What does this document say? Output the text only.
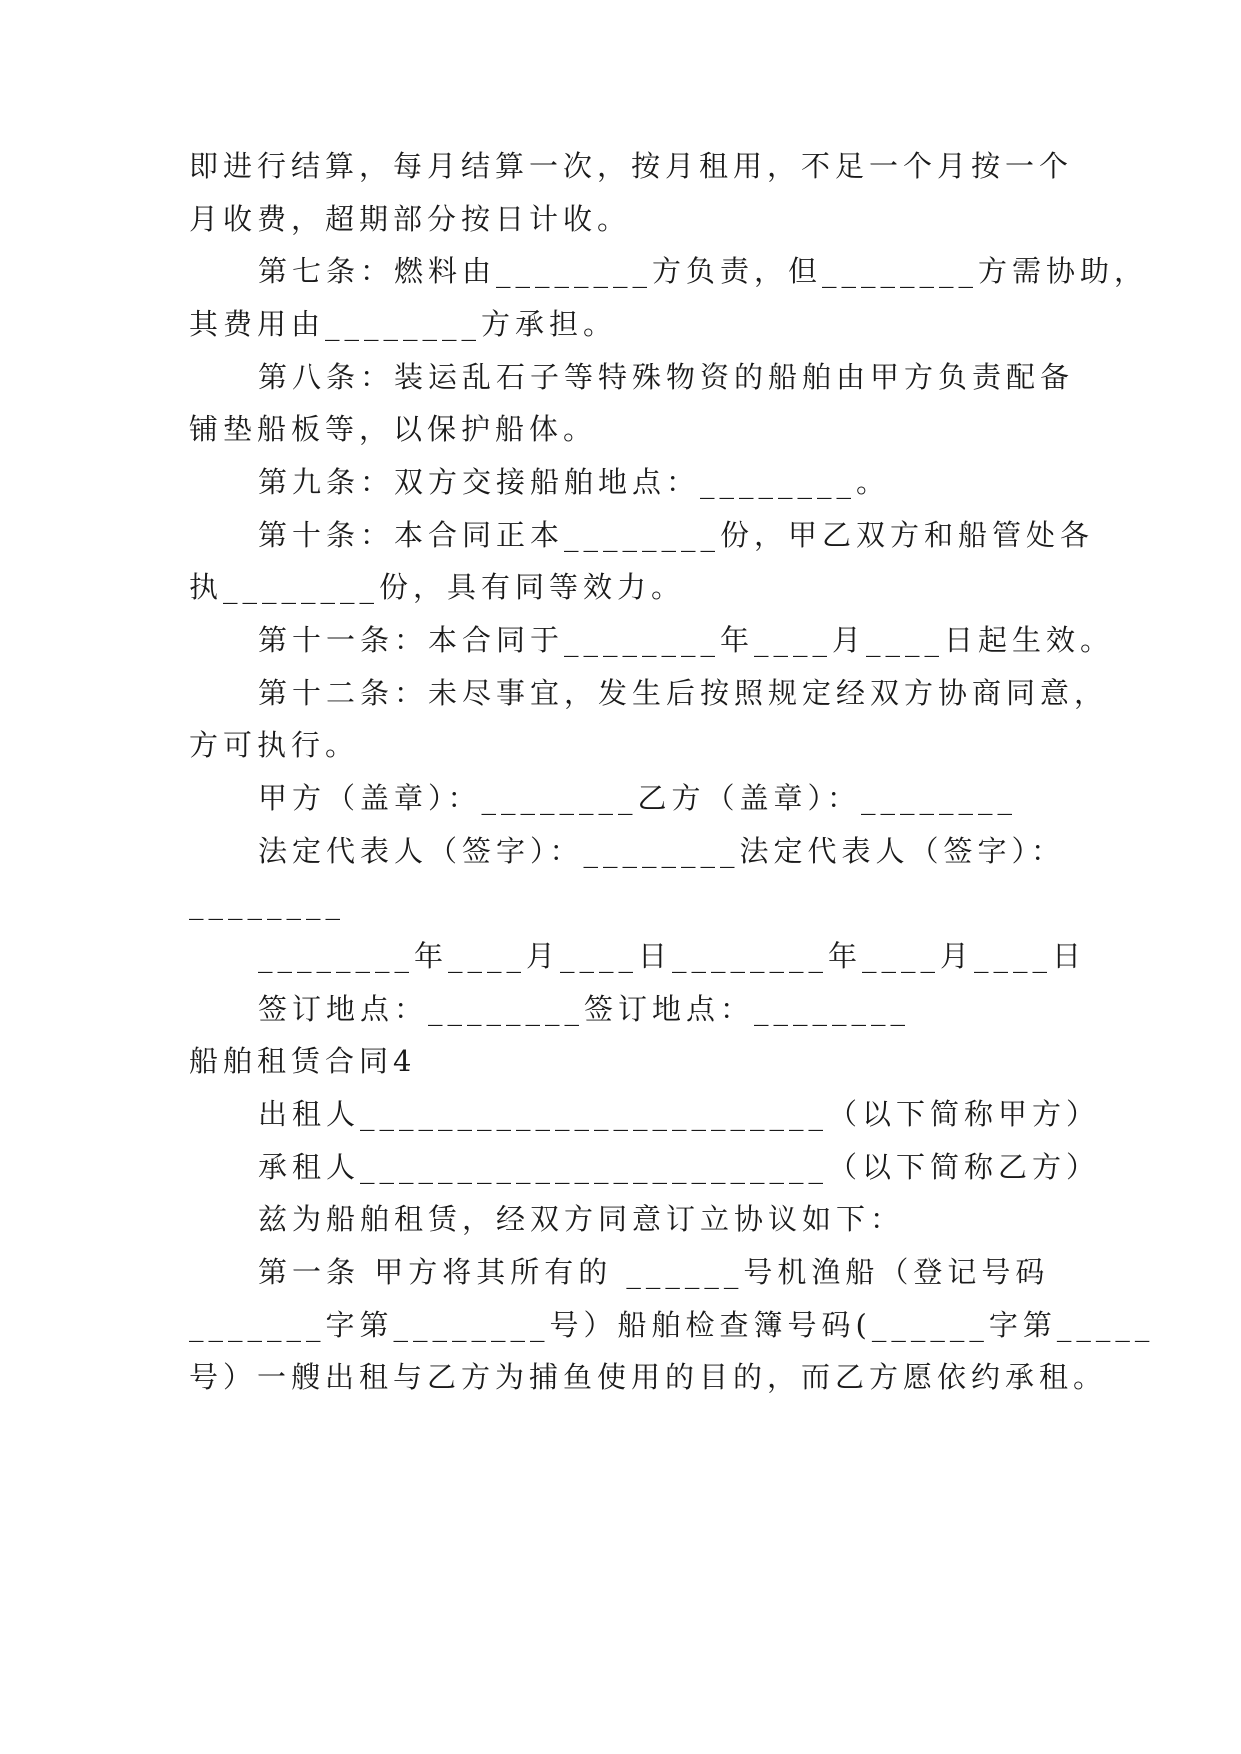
即进行结算，每月结算一次，按月租用，不足一个月按一个
月收费，超期部分按日计收。
第七条：燃料由________方负责，但________方需协助，
其费用由________方承担。
第八条：装运乱石子等特殊物资的船舶由甲方负责配备
铺垫船板等，以保护船体。
第九条：双方交接船舶地点：________。
第十条：本合同正本________份，甲乙双方和船管处各
执________份，具有同等效力。
第十一条：本合同于________年____月____日起生效。
第十二条：未尽事宜，发生后按照规定经双方协商同意，
方可执行。
甲方（盖章）：________乙方（盖章）：________
法定代表人（签字）：________法定代表人（签字）：
________
________年____月____日________年____月____日
签订地点：________签订地点：________
船舶租赁合同4
出租人________________________（以下简称甲方）
承租人________________________（以下简称乙方）
兹为船舶租赁，经双方同意订立协议如下：
第一条 甲方将其所有的 ______号机渔船（登记号码
_______字第________号）船舶检查簿号码(______字第_____
号）一艘出租与乙方为捕鱼使用的目的，而乙方愿依约承租。
